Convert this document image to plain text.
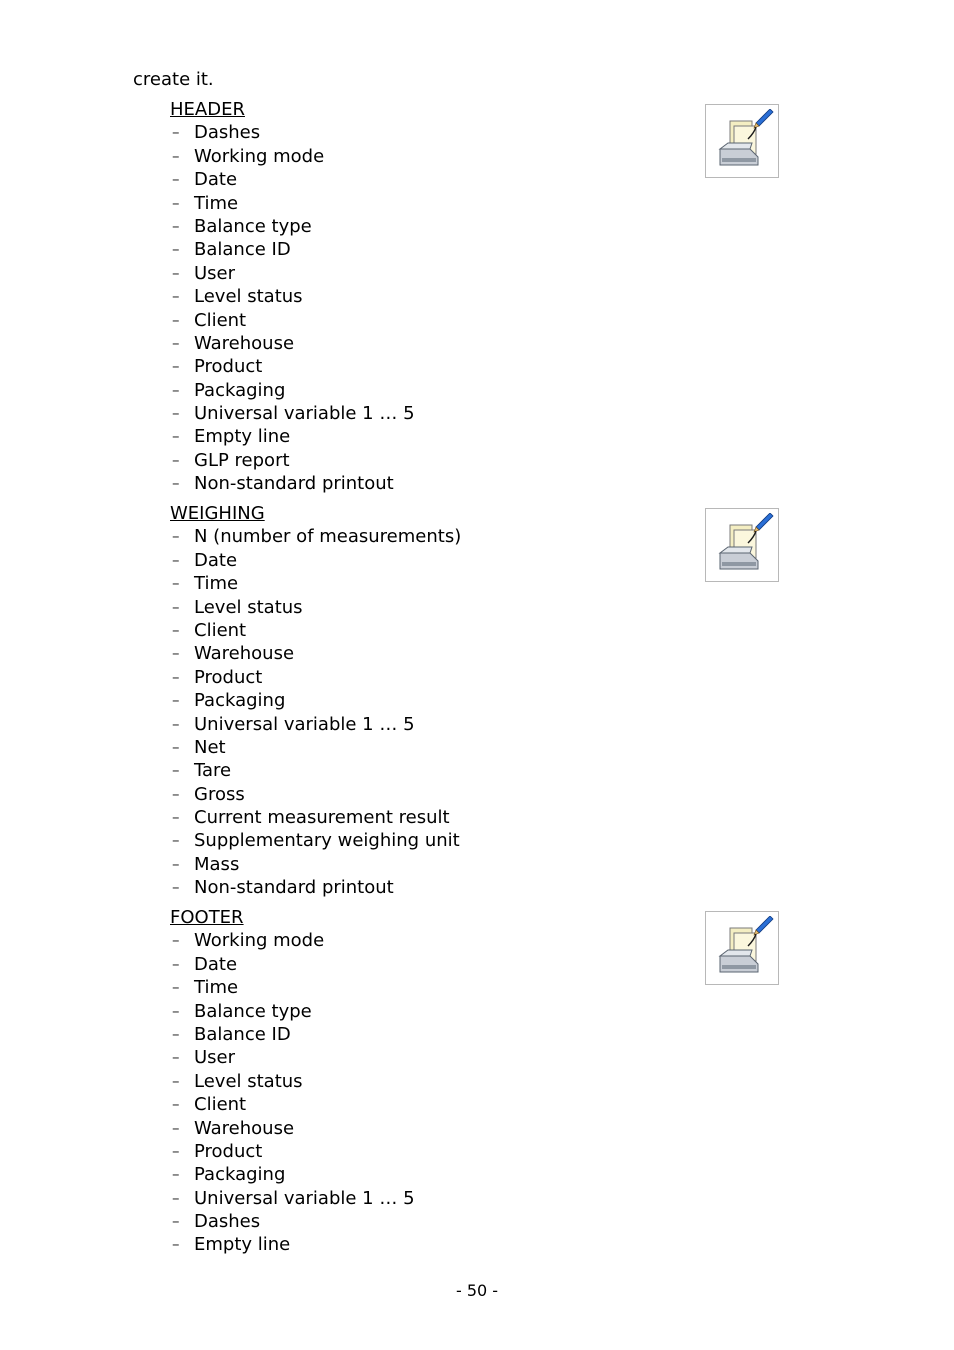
create it.
HEADER
– Dashes
– Working mode
– Date
– Time
– Balance type
– Balance ID
– User
– Level status
– Client
– Warehouse
– Product
– Packaging
– Universal variable 1 … 5
– Empty line
– GLP report
– Non-standard printout
WEIGHING
– N (number of measurements)
– Date
– Time
– Level status
– Client
– Warehouse
– Product
– Packaging
– Universal variable 1 … 5
– Net
– Tare
– Gross
– Current measurement result
– Supplementary weighing unit
– Mass
– Non-standard printout
FOOTER
– Working mode
– Date
– Time
– Balance type
– Balance ID
– User
– Level status
– Client
– Warehouse
– Product
– Packaging
– Universal variable 1 … 5
– Dashes
– Empty line
- 50 -
